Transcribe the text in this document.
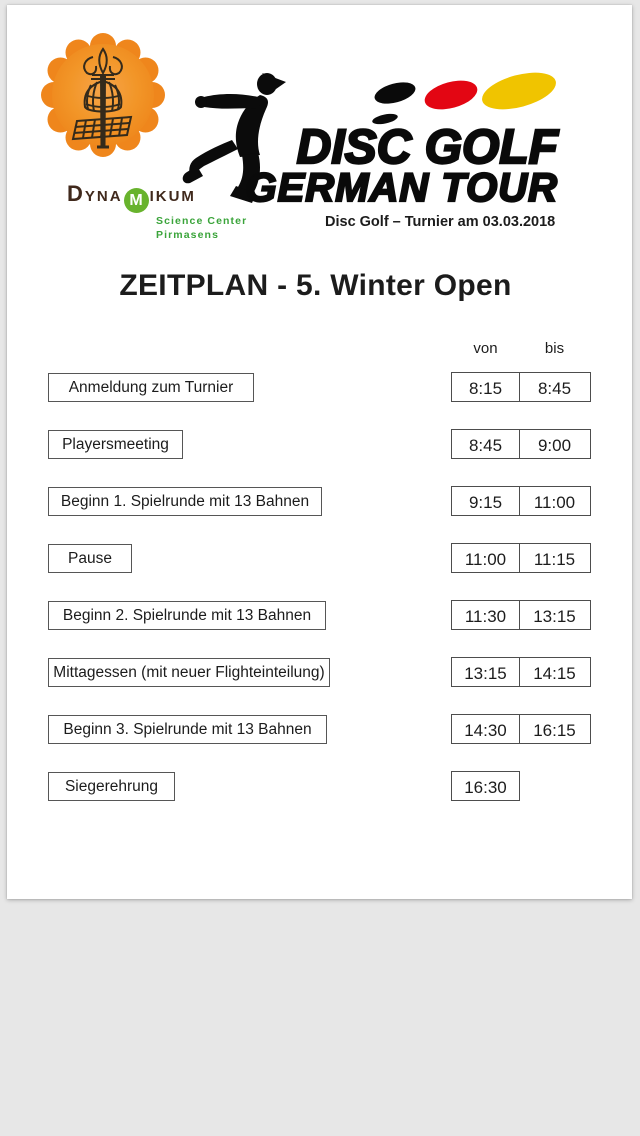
DISC GOLF
GERMAN TOUR
Dyna M ikum
Science Center
Pirmasens
Disc Golf – Turnier am 03.03.2018
ZEITPLAN - 5. Winter Open
von	bis
Anmeldung zum Turnier	8:15	8:45
Playersmeeting	8:45	9:00
Beginn 1. Spielrunde mit 13 Bahnen	9:15	11:00
Pause	11:00	11:15
Beginn 2. Spielrunde mit 13 Bahnen	11:30	13:15
Mittagessen (mit neuer Flighteinteilung)	13:15	14:15
Beginn 3. Spielrunde mit 13 Bahnen	14:30	16:15
Siegerehrung	16:30
